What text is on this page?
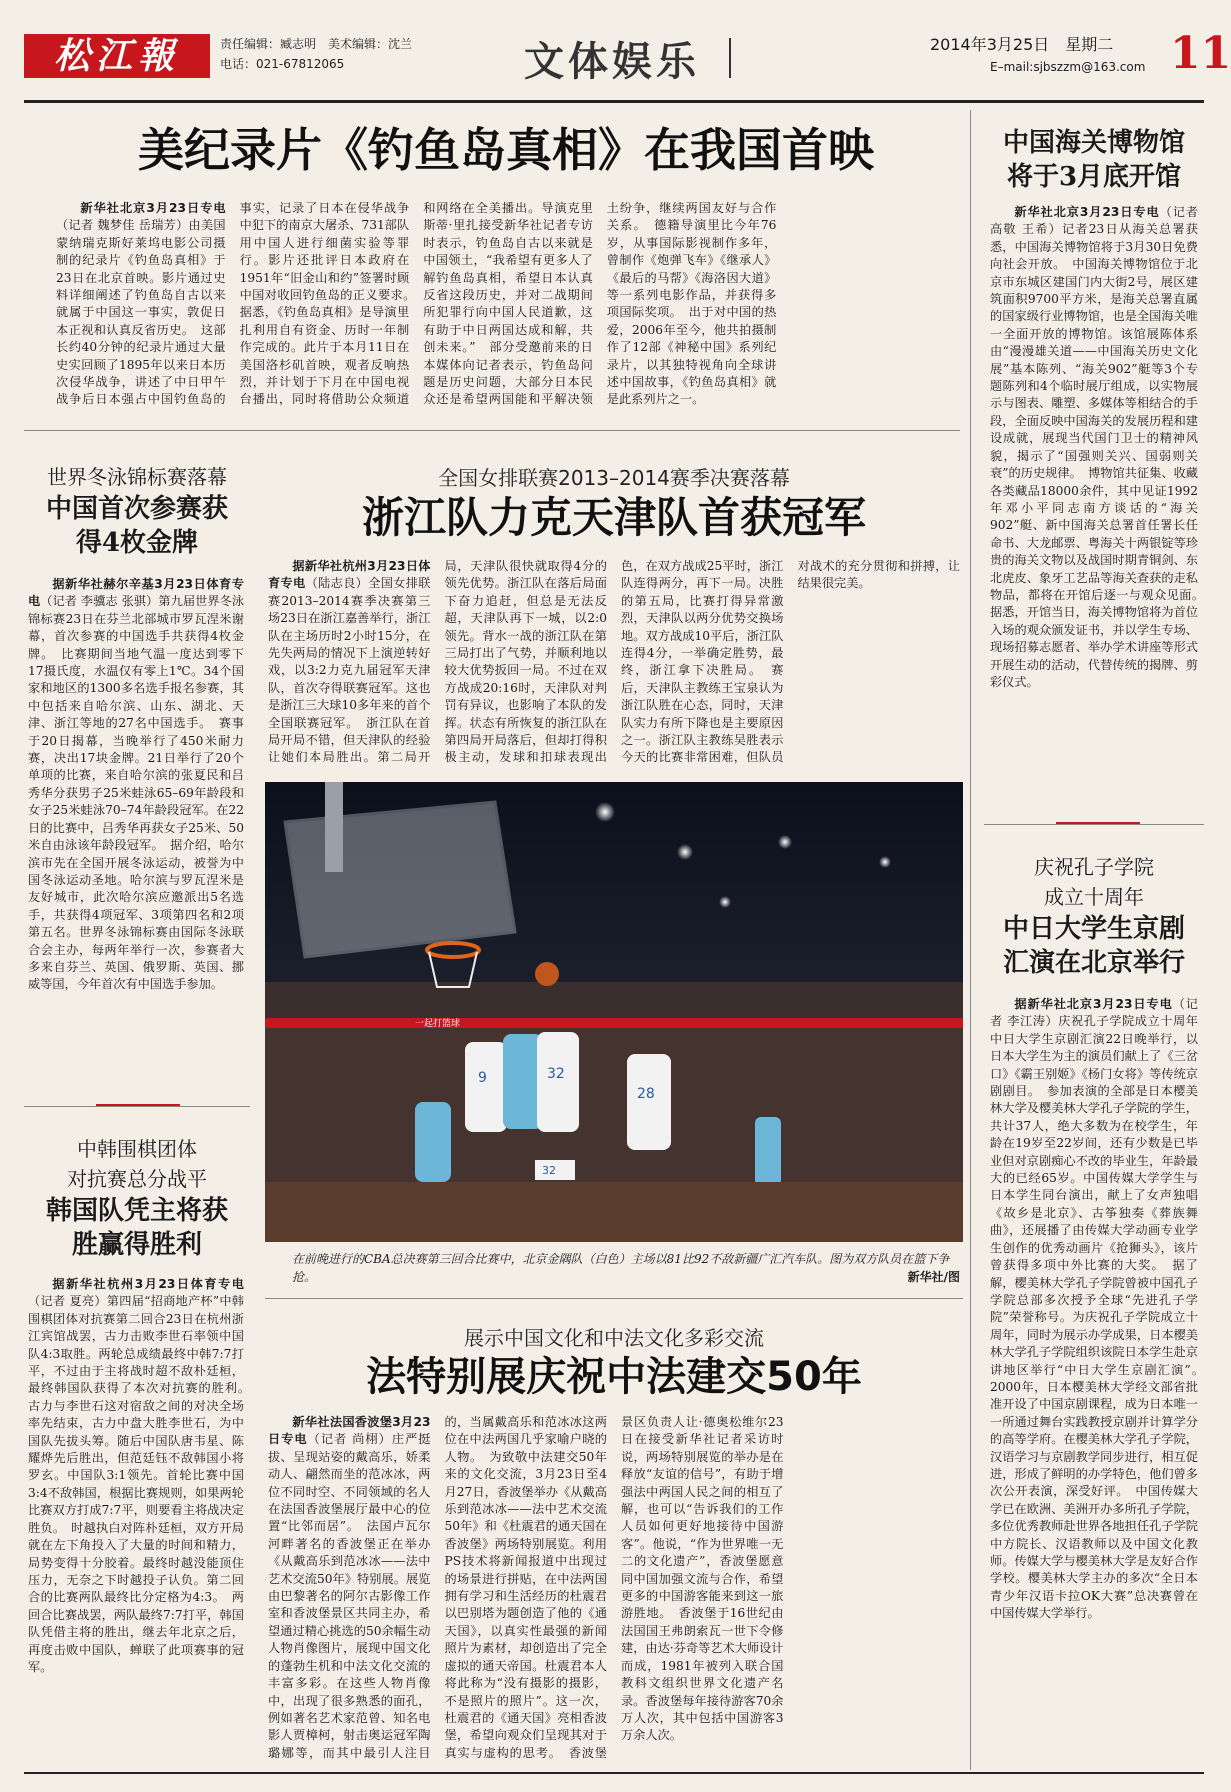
松江報	责任编辑：臧志明　美术编辑：沈兰
电话：021-67812065	文体娱乐	2014年3月25日　星期二
E–mail:sjbszzm@163.com 11
美纪录片《钓鱼岛真相》在我国首映

新华社北京3月23日专电（记者 魏梦佳 岳瑞芳）由美国蒙纳瑞克斯好莱坞电影公司摄制的纪录片《钓鱼岛真相》于23日在北京首映。影片通过史料详细阐述了钓鱼岛自古以来就属于中国这一事实，敦促日本正视和认真反省历史。　这部长约40分钟的纪录片通过大量史实回顾了1895年以来日本历次侵华战争，讲述了中日甲午战争后日本强占中国钓鱼岛的事实，记录了日本在侵华战争中犯下的南京大屠杀、731部队用中国人进行细菌实验等罪行。影片还批评日本政府在1951年“旧金山和约”签署时顾中国对收回钓鱼岛的正义要求。　据悉，《钓鱼岛真相》是导演里扎利用自有资金、历时一年制作完成的。此片于本月11日在美国洛杉矶首映，观者反响热烈，并计划于下月在中国电视台播出，同时将借助公众频道和网络在全美播出。导演克里斯蒂·里扎接受新华社记者专访时表示，钓鱼岛自古以来就是中国领土，“我希望有更多人了解钓鱼岛真相，希望日本认真反省这段历史，并对二战期间所犯罪行向中国人民道歉，这有助于中日两国达成和解，共创未来。”　部分受邀前来的日本媒体向记者表示，钓鱼岛问题是历史问题，大部分日本民众还是希望两国能和平解决领土纷争，继续两国友好与合作关系。　德籍导演里比今年76岁，从事国际影视制作多年，曾制作《炮弹飞车》《继承人》《最后的马帮》《海洛因大道》等一系列电影作品，并获得多项国际奖项。　出于对中国的热爱，2006年至今，他共拍摄制作了12部《神秘中国》系列纪录片，以其独特视角向全球讲述中国故事，《钓鱼岛真相》就是此系列片之一。

中国海关博物馆
将于3月底开馆

新华社北京3月23日专电（记者 高敬 王希）记者23日从海关总署获悉，中国海关博物馆将于3月30日免费向社会开放。　中国海关博物馆位于北京市东城区建国门内大街2号，展区建筑面积9700平方米，是海关总署直属的国家级行业博物馆，也是全国海关唯一全面开放的博物馆。该馆展陈体系由“漫漫雄关道——中国海关历史文化展”基本陈列、“海关902”艇等3个专题陈列和4个临时展厅组成，以实物展示与图表、雕塑、多媒体等相结合的手段，全面反映中国海关的发展历程和建设成就，展现当代国门卫士的精神风貌，揭示了“国强则关兴、国弱则关衰”的历史规律。　博物馆共征集、收藏各类藏品18000余件，其中见证1992年邓小平同志南方谈话的“海关902”艇、新中国海关总署首任署长任命书、大龙邮票、粤海关十两银锭等珍贵的海关文物以及战国时期青铜剑、东北虎皮、象牙工艺品等海关查获的走私物品，都将在开馆后逐一与观众见面。　据悉，开馆当日，海关博物馆将为首位入场的观众颁发证书，并以学生专场、现场招募志愿者、举办学术讲座等形式开展生动的活动，代替传统的揭牌、剪彩仪式。

庆祝孔子学院
成立十周年
中日大学生京剧汇演在北京举行

据新华社北京3月23日专电（记者 李江涛）庆祝孔子学院成立十周年中日大学生京剧汇演22日晚举行，以日本大学生为主的演员们献上了《三岔口》《霸王别姬》《杨门女将》等传统京剧剧目。　参加表演的全部是日本樱美林大学及樱美林大学孔子学院的学生，共计37人，绝大多数为在校学生，年龄在19岁至22岁间，还有少数是已毕业但对京剧痴心不改的毕业生，年龄最大的已经65岁。中国传媒大学学生与日本学生同台演出，献上了女声独唱《故乡是北京》、古筝独奏《葬族舞曲》，还展播了由传媒大学动画专业学生创作的优秀动画片《抢狮头》，该片曾获得多项中外比赛的大奖。　据了解，樱美林大学孔子学院曾被中国孔子学院总部多次授予全球“先进孔子学院”荣誉称号。为庆祝孔子学院成立十周年，同时为展示办学成果，日本樱美林大学孔子学院组织该院日本学生赴京讲地区举行“中日大学生京剧汇演”。　2000年，日本樱美林大学经文部省批准开设了中国京剧课程，成为日本唯一一所通过舞台实践教授京剧并计算学分的高等学府。在樱美林大学孔子学院，汉语学习与京剧教学同步进行，相互促进，形成了鲜明的办学特色，他们曾多次公开表演，深受好评。　中国传媒大学已在欧洲、美洲开办多所孔子学院，多位优秀教师赴世界各地担任孔子学院中方院长、汉语教师以及中国文化教师。传媒大学与樱美林大学是友好合作学校。樱美林大学主办的多次“全日本青少年汉语卡拉OK大赛”总决赛曾在中国传媒大学举行。

世界冬泳锦标赛落幕
中国首次参赛获得4枚金牌

据新华社赫尔辛基3月23日体育专电（记者 李骥志 张骐）第九届世界冬泳锦标赛23日在芬兰北部城市罗瓦涅米谢幕，首次参赛的中国选手共获得4枚金牌。　比赛期间当地气温一度达到零下17摄氏度，水温仅有零上1℃。34个国家和地区的1300多名选手报名参赛，其中包括来自哈尔滨、山东、湖北、天津、浙江等地的27名中国选手。　赛事于20日揭幕，当晚举行了450米耐力赛，决出17块金牌。21日举行了20个单项的比赛，来自哈尔滨的张夏民和吕秀华分获男子25米蛙泳65–69年龄段和女子25米蛙泳70–74年龄段冠军。在22日的比赛中，吕秀华再获女子25米、50米自由泳该年龄段冠军。　据介绍，哈尔滨市先在全国开展冬泳运动，被誉为中国冬泳运动圣地。哈尔滨与罗瓦涅米是友好城市，此次哈尔滨应邀派出5名选手，共获得4项冠军、3项第四名和2项第五名。世界冬泳锦标赛由国际冬泳联合会主办，每两年举行一次，参赛者大多来自芬兰、英国、俄罗斯、英国、挪威等国，今年首次有中国选手参加。

中韩围棋团体
对抗赛总分战平
韩国队凭主将获胜赢得胜利

据新华社杭州3月23日体育专电（记者 夏亮）第四届“招商地产杯”中韩围棋团体对抗赛第二回合23日在杭州浙江宾馆战罢，古力击败李世石率领中国队4:3取胜。两轮总成绩最终中韩7:7打平，不过由于主将战时超不敌朴廷桓，最终韩国队获得了本次对抗赛的胜利。　古力与李世石这对宿敌之间的对决全场率先结束，古力中盘大胜李世石，为中国队先拔头筹。随后中国队唐韦星、陈耀烨先后胜出，但范廷钰不敌韩国小将罗玄。中国队3:1领先。首轮比赛中国3:4不敌韩国，根据比赛规则，如果两轮比赛双方打成7:7平，则要看主将战决定胜负。　时越执白对阵朴廷桓，双方开局就在左下角投入了大量的时间和精力，局势变得十分胶着。最终时越没能顶住压力，无奈之下时越投子认负。第二回合的比赛两队最终比分定格为4:3。　两回合比赛战罢，两队最终7:7打平，韩国队凭借主将的胜出，继去年北京之后，再度击败中国队，蝉联了此项赛事的冠军。

全国女排联赛2013–2014赛季决赛落幕
浙江队力克天津队首获冠军

据新华社杭州3月23日体育专电（陆志良）全国女排联赛2013–2014赛季决赛第三场23日在浙江嘉善举行，浙江队在主场历时2小时15分，在先失两局的情况下上演逆转好戏，以3:2力克九届冠军天津队，首次夺得联赛冠军。这也是浙江三大球10多年来的首个全国联赛冠军。　浙江队在首局开局不错，但天津队的经验让她们本局胜出。第二局开局，天津队很快就取得4分的领先优势。浙江队在落后局面下奋力追赶，但总是无法反超，天津队再下一城，以2:0领先。背水一战的浙江队在第三局打出了气势，并顺利地以较大优势扳回一局。不过在双方战成20:16时，天津队对判罚有异议，也影响了本队的发挥。状态有所恢复的浙江队在第四局开局落后，但却打得积极主动，发球和扣球表现出色，在双方战成25平时，浙江队连得两分，再下一局。决胜的第五局，比赛打得异常激烈，天津队以两分优势交换场地。双方战成10平后，浙江队连得4分，一举确定胜势，最终，浙江拿下决胜局。　赛后，天津队主教练王宝泉认为浙江队胜在心态，同时，天津队实力有所下降也是主要原因之一。浙江队主教练吴胜表示今天的比赛非常困难，但队员对战术的充分贯彻和拼搏，让结果很完美。

一起打篮球
9	32
28
32
在前晚进行的CBA总决赛第三回合比赛中，北京金隅队（白色）主场以81比92不敌新疆广汇汽车队。图为双方队员在篮下争抢。	新华社/图
展示中国文化和中法文化多彩交流
法特别展庆祝中法建交50年

新华社法国香波堡3月23日专电（记者 尚栩）庄严挺拔、呈现站姿的戴高乐，娇柔动人、翩然而坐的范冰冰，两位不同时空、不同领域的名人在法国香波堡展厅最中心的位置“比邻而居”。　法国卢瓦尔河畔著名的香波堡正在举办《从戴高乐到范冰冰——法中艺术交流50年》特别展。展览由巴黎著名的阿尔古影像工作室和香波堡景区共同主办，希望通过精心挑选的50余幅生动人物肖像图片，展现中国文化的蓬勃生机和中法文化交流的丰富多彩。在这些人物肖像中，出现了很多熟悉的面孔，例如著名艺术家范曾、知名电影人贾樟柯，射击奥运冠军陶璐娜等，而其中最引人注目的，当属戴高乐和范冰冰这两位在中法两国几乎家喻户晓的人物。　为致敬中法建交50年来的文化交流，3月23日至4月27日，香波堡举办《从戴高乐到范冰冰——法中艺术交流50年》和《杜震君的通天国在香波堡》两场特别展览。利用PS技术将新闻报道中出现过的场景进行拼贴，在中法两国拥有学习和生活经历的杜震君以巴别塔为题创造了他的《通天国》，以真实性最强的新闻照片为素材，却创造出了完全虚拟的通天帝国。杜震君本人将此称为“没有摄影的摄影，不是照片的照片”。这一次，杜震君的《通天国》亮相香波堡，希望向观众们呈现其对于真实与虚构的思考。　香波堡景区负责人让·德奥松维尔23日在接受新华社记者采访时说，两场特别展览的举办是在释放“友谊的信号”，有助于增强法中两国人民之间的相互了解，也可以“告诉我们的工作人员如何更好地接待中国游客”。他说，“作为世界唯一无二的文化遗产”，香波堡愿意同中国加强文流与合作，希望更多的中国游客能来到这一旅游胜地。　香波堡于16世纪由法国国王弗朗索瓦一世下令修建，由达·芬奇等艺术大师设计而成，1981年被列入联合国教科文组织世界文化遗产名录。香波堡每年接待游客70余万人次，其中包括中国游客3万余人次。
